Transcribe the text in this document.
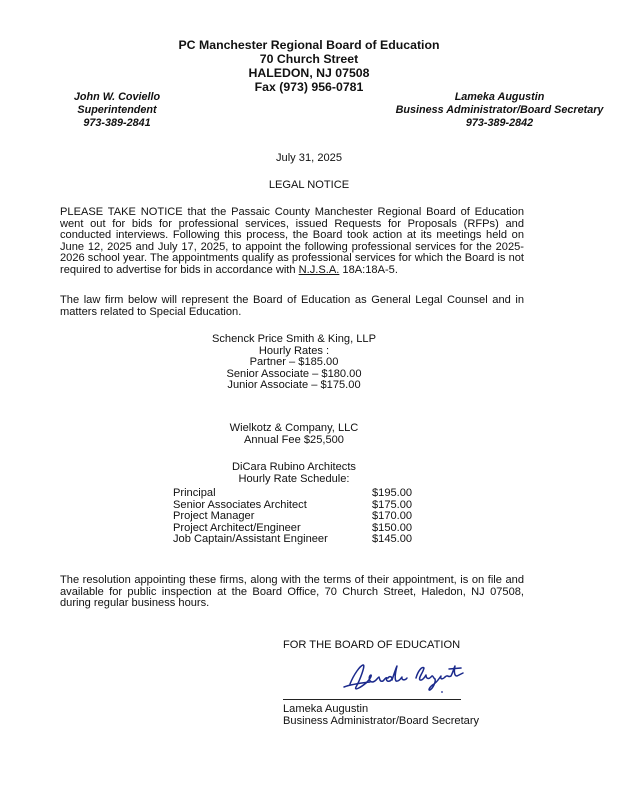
PC Manchester Regional Board of Education
70 Church Street
HALEDON, NJ 07508
Fax (973) 956-0781
John W. Coviello
Superintendent
973-389-2841
Lameka Augustin
Business Administrator/Board Secretary
973-389-2842
July 31, 2025
LEGAL NOTICE
PLEASE TAKE NOTICE that the Passaic County Manchester Regional Board of Education went out for bids for professional services, issued Requests for Proposals (RFPs) and conducted interviews. Following this process, the Board took action at its meetings held on June 12, 2025 and July 17, 2025, to appoint the following professional services for the 2025-2026 school year. The appointments qualify as professional services for which the Board is not required to advertise for bids in accordance with N.J.S.A. 18A:18A-5.
The law firm below will represent the Board of Education as General Legal Counsel and in matters related to Special Education.
Schenck Price Smith & King, LLP
Hourly Rates :
Partner – $185.00
Senior Associate – $180.00
Junior Associate – $175.00
Wielkotz & Company, LLC
Annual Fee $25,500
DiCara Rubino Architects
Hourly Rate Schedule:
Principal	$195.00
Senior Associates Architect	$175.00
Project Manager	$170.00
Project Architect/Engineer	$150.00
Job Captain/Assistant Engineer	$145.00
The resolution appointing these firms, along with the terms of their appointment, is on file and available for public inspection at the Board Office, 70 Church Street, Haledon, NJ 07508, during regular business hours.
FOR THE BOARD OF EDUCATION
Lameka Augustin
Business Administrator/Board Secretary
